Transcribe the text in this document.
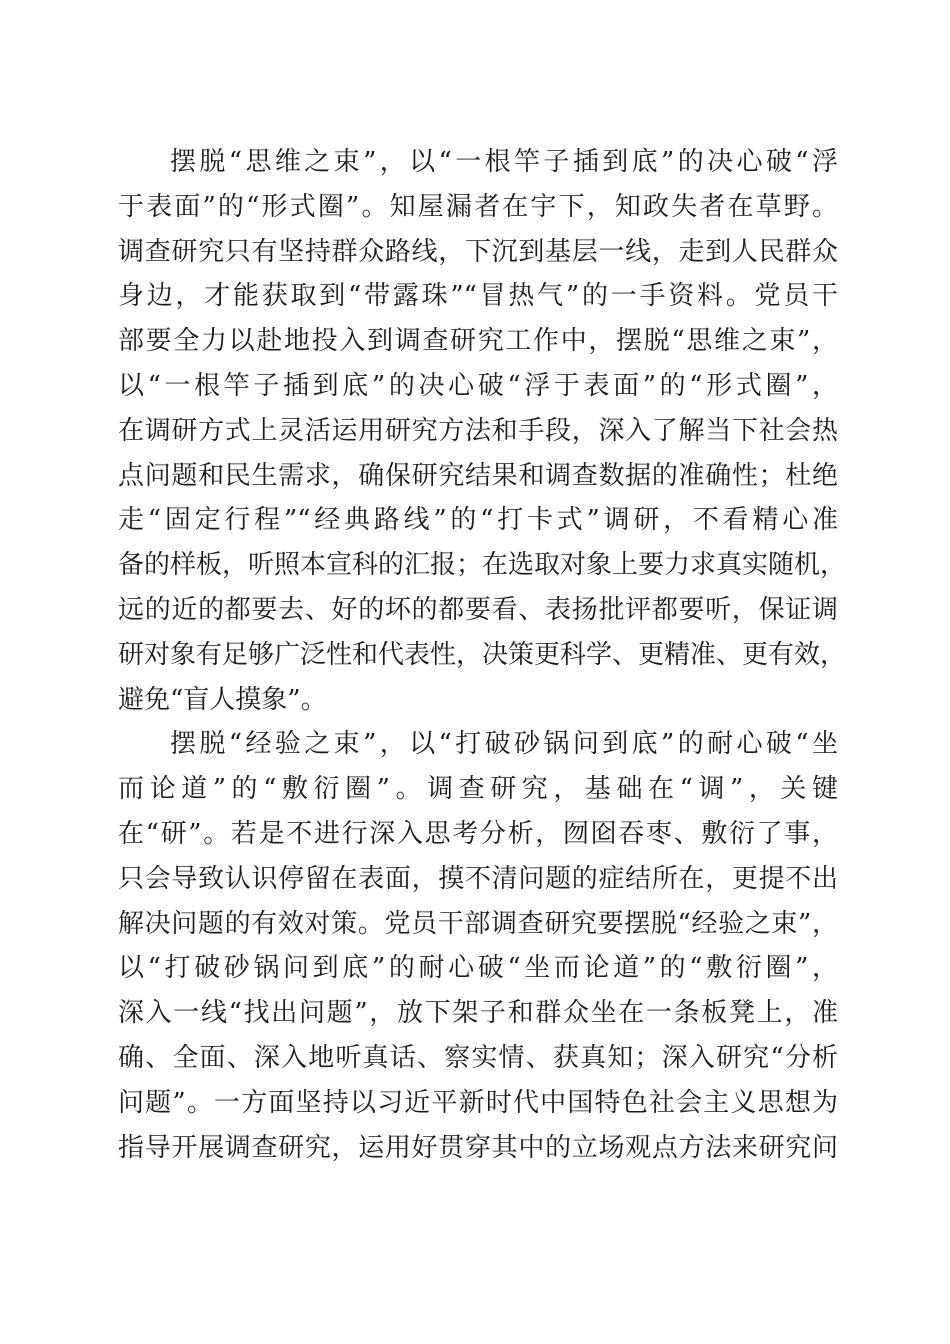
摆脱“思维之束”，以“一根竿子插到底”的决心破“浮
于表面”的“形式圈”。知屋漏者在宇下，知政失者在草野。
调查研究只有坚持群众路线，下沉到基层一线，走到人民群众
身边，才能获取到“带露珠”“冒热气”的一手资料。党员干
部要全力以赴地投入到调查研究工作中，摆脱“思维之束”，
以“一根竿子插到底”的决心破“浮于表面”的“形式圈”，
在调研方式上灵活运用研究方法和手段，深入了解当下社会热
点问题和民生需求，确保研究结果和调查数据的准确性；杜绝
走“固定行程”“经典路线”的“打卡式”调研，不看精心准
备的样板，听照本宣科的汇报；在选取对象上要力求真实随机，
远的近的都要去、好的坏的都要看、表扬批评都要听，保证调
研对象有足够广泛性和代表性，决策更科学、更精准、更有效，
避免“盲人摸象”。
摆脱“经验之束”，以“打破砂锅问到底”的耐心破“坐
而论道”的“敷衍圈”。调查研究，基础在“调”，关键
在“研”。若是不进行深入思考分析，囫囵吞枣、敷衍了事，
只会导致认识停留在表面，摸不清问题的症结所在，更提不出
解决问题的有效对策。党员干部调查研究要摆脱“经验之束”，
以“打破砂锅问到底”的耐心破“坐而论道”的“敷衍圈”，
深入一线“找出问题”，放下架子和群众坐在一条板凳上，准
确、全面、深入地听真话、察实情、获真知；深入研究“分析
问题”。一方面坚持以习近平新时代中国特色社会主义思想为
指导开展调查研究，运用好贯穿其中的立场观点方法来研究问
